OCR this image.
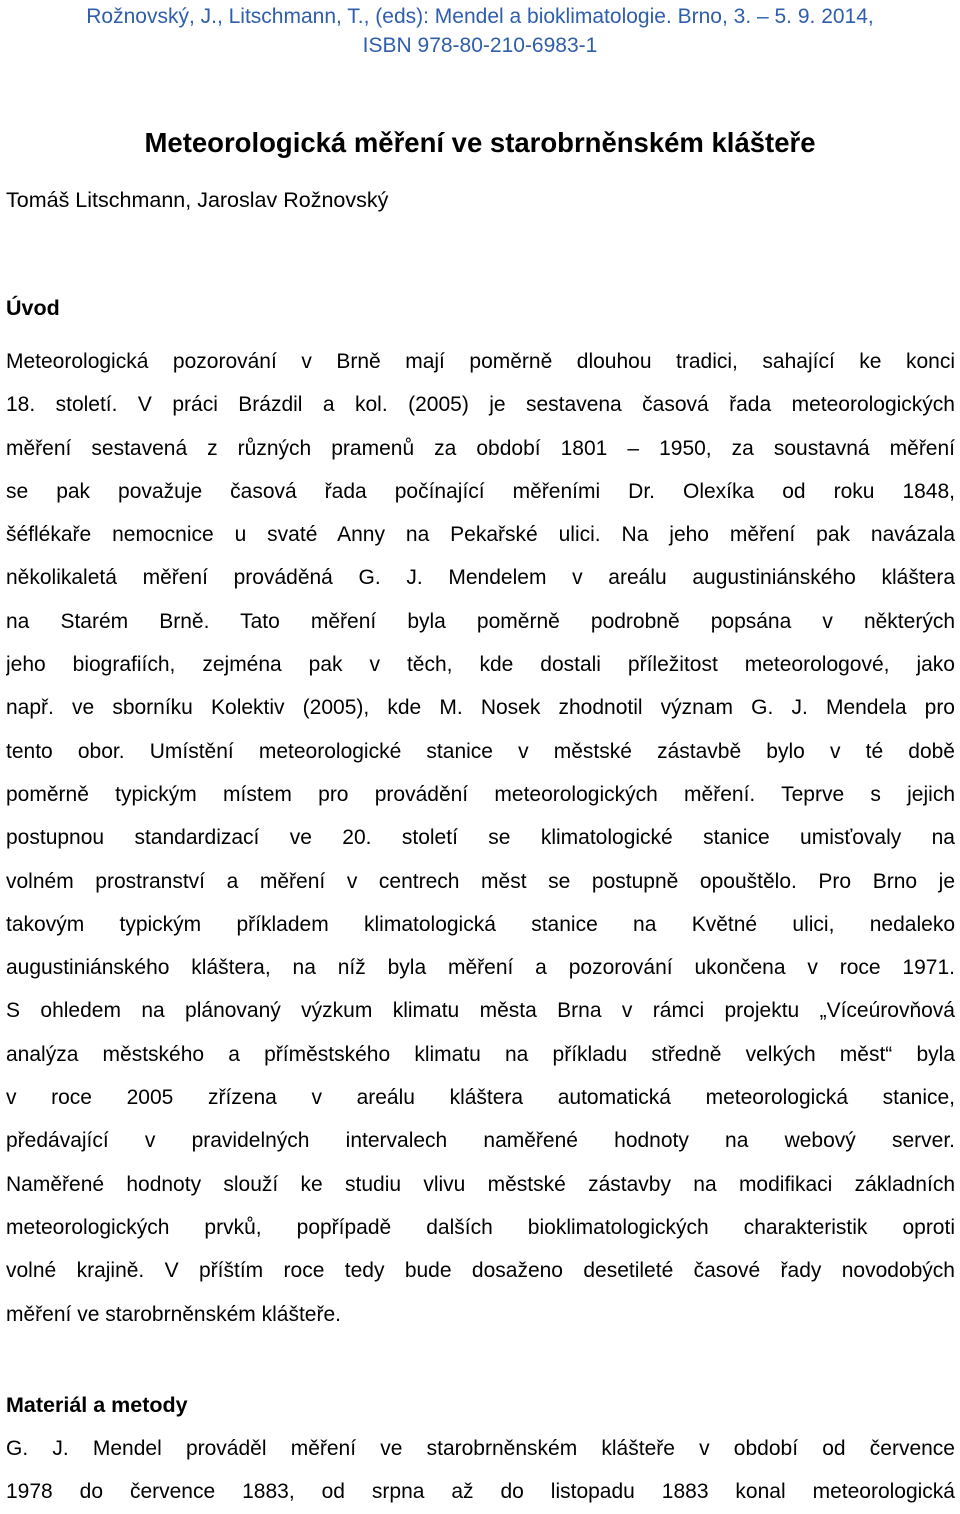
Rožnovský, J., Litschmann, T., (eds): Mendel a bioklimatologie. Brno, 3. – 5. 9. 2014,
ISBN 978-80-210-6983-1
Meteorologická měření ve starobrněnském klášteře
Tomáš Litschmann, Jaroslav Rožnovský
Úvod
Meteorologická pozorování v Brně mají poměrně dlouhou tradici, sahající ke konci
18. století. V práci Brázdil a kol. (2005) je sestavena časová řada meteorologických
měření sestavená z různých pramenů za období 1801 – 1950, za soustavná měření
se pak považuje časová řada počínající měřeními Dr. Olexíka od roku 1848,
šéflékaře nemocnice u svaté Anny na Pekařské ulici. Na jeho měření pak navázala
několikaletá měření prováděná G. J. Mendelem v areálu augustiniánského kláštera
na Starém Brně. Tato měření byla poměrně podrobně popsána v některých
jeho biografiích, zejména pak v těch, kde dostali příležitost meteorologové, jako
např. ve sborníku Kolektiv (2005), kde M. Nosek zhodnotil význam G. J. Mendela pro
tento obor. Umístění meteorologické stanice v městské zástavbě bylo v té době
poměrně typickým místem pro provádění meteorologických měření. Teprve s jejich
postupnou standardizací ve 20. století se klimatologické stanice umisťovaly na
volném prostranství a měření v centrech měst se postupně opouštělo. Pro Brno je
takovým typickým příkladem klimatologická stanice na Květné ulici, nedaleko
augustiniánského kláštera, na níž byla měření a pozorování ukončena v roce 1971.
S ohledem na plánovaný výzkum klimatu města Brna v rámci projektu „Víceúrovňová
analýza městského a příměstského klimatu na příkladu středně velkých měst“ byla
v roce 2005 zřízena v areálu kláštera automatická meteorologická stanice,
předávající v pravidelných intervalech naměřené hodnoty na webový server.
Naměřené hodnoty slouží ke studiu vlivu městské zástavby na modifikaci základních
meteorologických prvků, popřípadě dalších bioklimatologických charakteristik oproti
volné krajině. V příštím roce tedy bude dosaženo desetileté časové řady novodobých
měření ve starobrněnském klášteře.
Materiál a metody
G. J. Mendel prováděl měření ve starobrněnském klášteře v období od července
1978 do července 1883, od srpna až do listopadu 1883 konal meteorologická
